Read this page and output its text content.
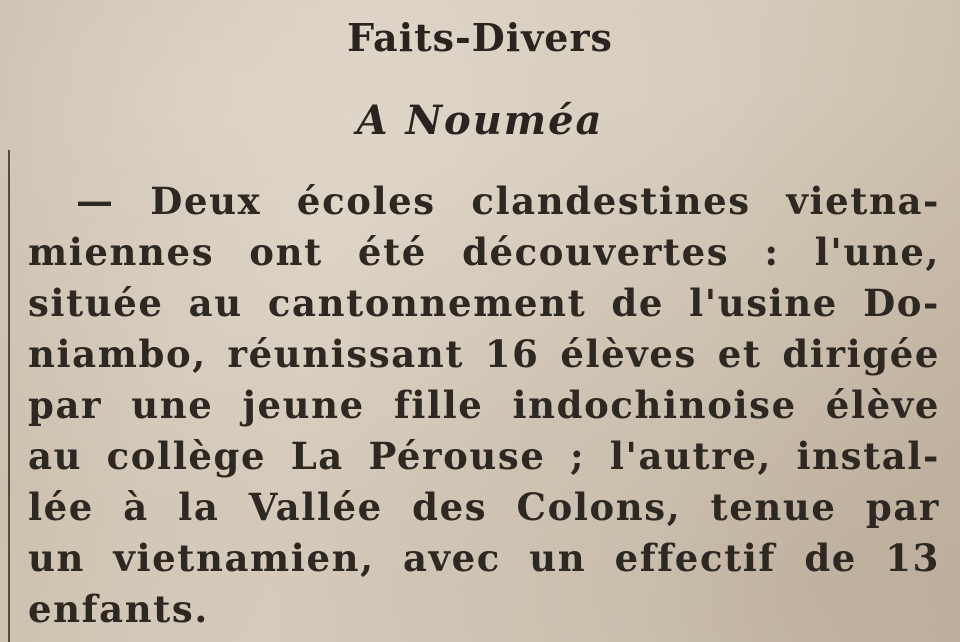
Faits-Divers
A Nouméa
— Deux écoles clandestines vietna-
miennes ont été découvertes : l'une,
située au cantonnement de l'usine Do-
niambo, réunissant 16 élèves et dirigée
par une jeune fille indochinoise élève
au collège La Pérouse ; l'autre, instal-
lée à la Vallée des Colons, tenue par
un vietnamien, avec un effectif de 13
enfants.
